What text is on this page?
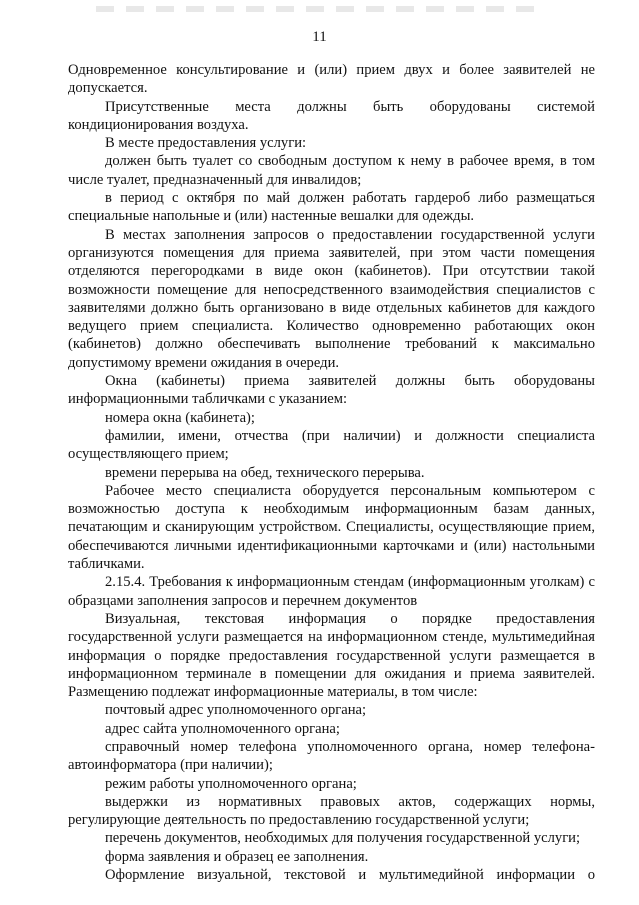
11

Одновременное консультирование и (или) прием двух и более заявителей не допускается.

Присутственные места должны быть оборудованы системой кондиционирования воздуха.

В месте предоставления услуги:

должен быть туалет со свободным доступом к нему в рабочее время, в том числе туалет, предназначенный для инвалидов;

в период с октября по май должен работать гардероб либо размещаться специальные напольные и (или) настенные вешалки для одежды.

В местах заполнения запросов о предоставлении государственной услуги организуются помещения для приема заявителей, при этом части помещения отделяются перегородками в виде окон (кабинетов). При отсутствии такой возможности помещение для непосредственного взаимодействия специалистов с заявителями должно быть организовано в виде отдельных кабинетов для каждого ведущего прием специалиста. Количество одновременно работающих окон (кабинетов) должно обеспечивать выполнение требований к максимально допустимому времени ожидания в очереди.

Окна (кабинеты) приема заявителей должны быть оборудованы информационными табличками с указанием:

номера окна (кабинета);

фамилии, имени, отчества (при наличии) и должности специалиста осуществляющего прием;

времени перерыва на обед, технического перерыва.

Рабочее место специалиста оборудуется персональным компьютером с возможностью доступа к необходимым информационным базам данных, печатающим и сканирующим устройством. Специалисты, осуществляющие прием, обеспечиваются личными идентификационными карточками и (или) настольными табличками.

2.15.4. Требования к информационным стендам (информационным уголкам) с образцами заполнения запросов и перечнем документов

Визуальная, текстовая информация о порядке предоставления государственной услуги размещается на информационном стенде, мультимедийная информация о порядке предоставления государственной услуги размещается в информационном терминале в помещении для ожидания и приема заявителей. Размещению подлежат информационные материалы, в том числе:

почтовый адрес уполномоченного органа;

адрес сайта уполномоченного органа;

справочный номер телефона уполномоченного органа, номер телефона-автоинформатора (при наличии);

режим работы уполномоченного органа;

выдержки из нормативных правовых актов, содержащих нормы, регулирующие деятельность по предоставлению государственной услуги;

перечень документов, необходимых для получения государственной услуги;

форма заявления и образец ее заполнения.

Оформление визуальной, текстовой и мультимедийной информации о
